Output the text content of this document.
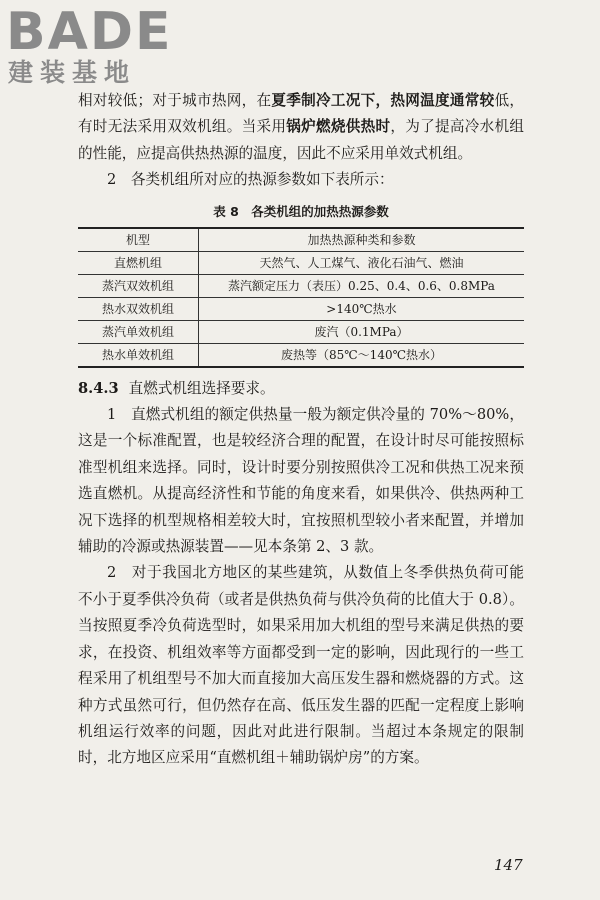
BADE
建装基地

相对较低；对于城市热网，在夏季制冷工况下，热网温度通常较低，有时无法采用双效机组。当采用锅炉燃烧供热时，为了提高冷水机组的性能，应提高供热热源的温度，因此不应采用单效式机组。

2　各类机组所对应的热源参数如下表所示：

表 8　各类机组的加热热源参数
机型	加热热源种类和参数
直燃机组	天然气、人工煤气、液化石油气、燃油
蒸汽双效机组	蒸汽额定压力（表压）0.25、0.4、0.6、0.8MPa
热水双效机组	>140℃热水
蒸汽单效机组	废汽（0.1MPa）
热水单效机组	废热等（85℃～140℃热水）
8.4.3 直燃式机组选择要求。

1　直燃式机组的额定供热量一般为额定供冷量的 70%～80%，这是一个标准配置，也是较经济合理的配置，在设计时尽可能按照标准型机组来选择。同时，设计时要分别按照供冷工况和供热工况来预选直燃机。从提高经济性和节能的角度来看，如果供冷、供热两种工况下选择的机型规格相差较大时，宜按照机型较小者来配置，并增加辅助的冷源或热源装置——见本条第 2、3 款。

2　对于我国北方地区的某些建筑，从数值上冬季供热负荷可能不小于夏季供冷负荷（或者是供热负荷与供冷负荷的比值大于 0.8）。当按照夏季冷负荷选型时，如果采用加大机组的型号来满足供热的要求，在投资、机组效率等方面都受到一定的影响，因此现行的一些工程采用了机组型号不加大而直接加大高压发生器和燃烧器的方式。这种方式虽然可行，但仍然存在高、低压发生器的匹配一定程度上影响机组运行效率的问题，因此对此进行限制。当超过本条规定的限制时，北方地区应采用“直燃机组＋辅助锅炉房”的方案。

147
